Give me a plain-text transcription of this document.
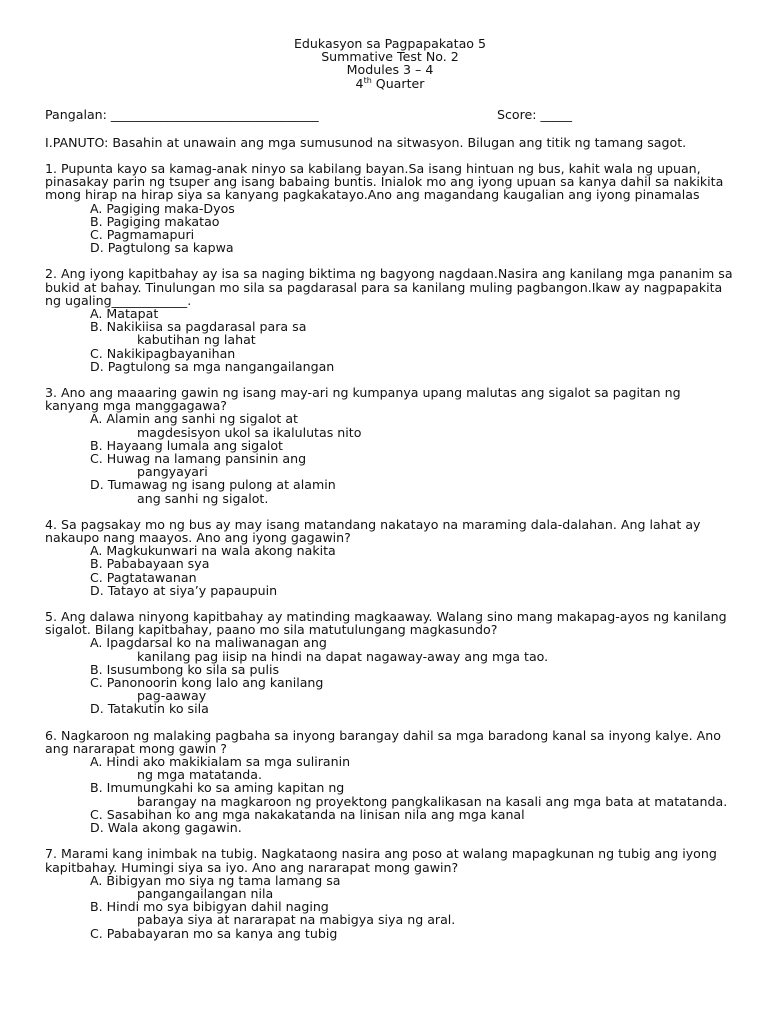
Edukasyon sa Pagpapakatao 5
Summative Test No. 2
Modules 3 – 4
4th Quarter
Pangalan: _________________________________	Score: _____
I.PANUTO: Basahin at unawain ang mga sumusunod na sitwasyon. Bilugan ang titik ng tamang sagot.
1. Pupunta kayo sa kamag-anak ninyo sa kabilang bayan.Sa isang hintuan ng bus, kahit wala ng upuan, pinasakay parin ng tsuper ang isang babaing buntis. Inialok mo ang iyong upuan sa kanya dahil sa nakikita mong hirap na hirap siya sa kanyang pagkakatayo.Ano ang magandang kaugalian ang iyong pinamalas
A. Pagiging maka-Dyos
B. Pagiging makatao
C. Pagmamapuri
D. Pagtulong sa kapwa
2. Ang iyong kapitbahay ay isa sa naging biktima ng bagyong nagdaan.Nasira ang kanilang mga pananim sa bukid at bahay. Tinulungan mo sila sa pagdarasal para sa kanilang muling pagbangon.Ikaw ay nagpapakita ng ugaling____________.
A. Matapat
B. Nakikiisa sa pagdarasal para sa
kabutihan ng lahat
C. Nakikipagbayanihan
D. Pagtulong sa mga nangangailangan
3. Ano ang maaaring gawin ng isang may-ari ng kumpanya upang malutas ang sigalot sa pagitan ng kanyang mga manggagawa?
A. Alamin ang sanhi ng sigalot at
magdesisyon ukol sa ikalulutas nito
B. Hayaang lumala ang sigalot
C. Huwag na lamang pansinin ang
pangyayari
D. Tumawag ng isang pulong at alamin
ang sanhi ng sigalot.
4. Sa pagsakay mo ng bus ay may isang matandang nakatayo na maraming dala-dalahan. Ang lahat ay nakaupo nang maayos. Ano ang iyong gagawin?
A. Magkukunwari na wala akong nakita
B. Pababayaan sya
C. Pagtatawanan
D. Tatayo at siya’y papaupuin
5. Ang dalawa ninyong kapitbahay ay matinding magkaaway. Walang sino mang makapag-ayos ng kanilang sigalot. Bilang kapitbahay, paano mo sila matutulungang magkasundo?
A. Ipagdarsal ko na maliwanagan ang
kanilang pag iisip na hindi na dapat nagaway-away ang mga tao.
B. Isusumbong ko sila sa pulis
C. Panonoorin kong lalo ang kanilang
pag-aaway
D. Tatakutin ko sila
6. Nagkaroon ng malaking pagbaha sa inyong barangay dahil sa mga baradong kanal sa inyong kalye. Ano ang nararapat mong gawin ?
A. Hindi ako makikialam sa mga suliranin
ng mga matatanda.
B. Imumungkahi ko sa aming kapitan ng
barangay na magkaroon ng proyektong pangkalikasan na kasali ang mga bata at matatanda.
C. Sasabihan ko ang mga nakakatanda na linisan nila ang mga kanal
D. Wala akong gagawin.
7. Marami kang inimbak na tubig. Nagkataong nasira ang poso at walang mapagkunan ng tubig ang iyong kapitbahay. Humingi siya sa iyo. Ano ang nararapat mong gawin?
A. Bibigyan mo siya ng tama lamang sa
pangangailangan nila
B. Hindi mo sya bibigyan dahil naging
pabaya siya at nararapat na mabigya siya ng aral.
C. Pababayaran mo sa kanya ang tubig
